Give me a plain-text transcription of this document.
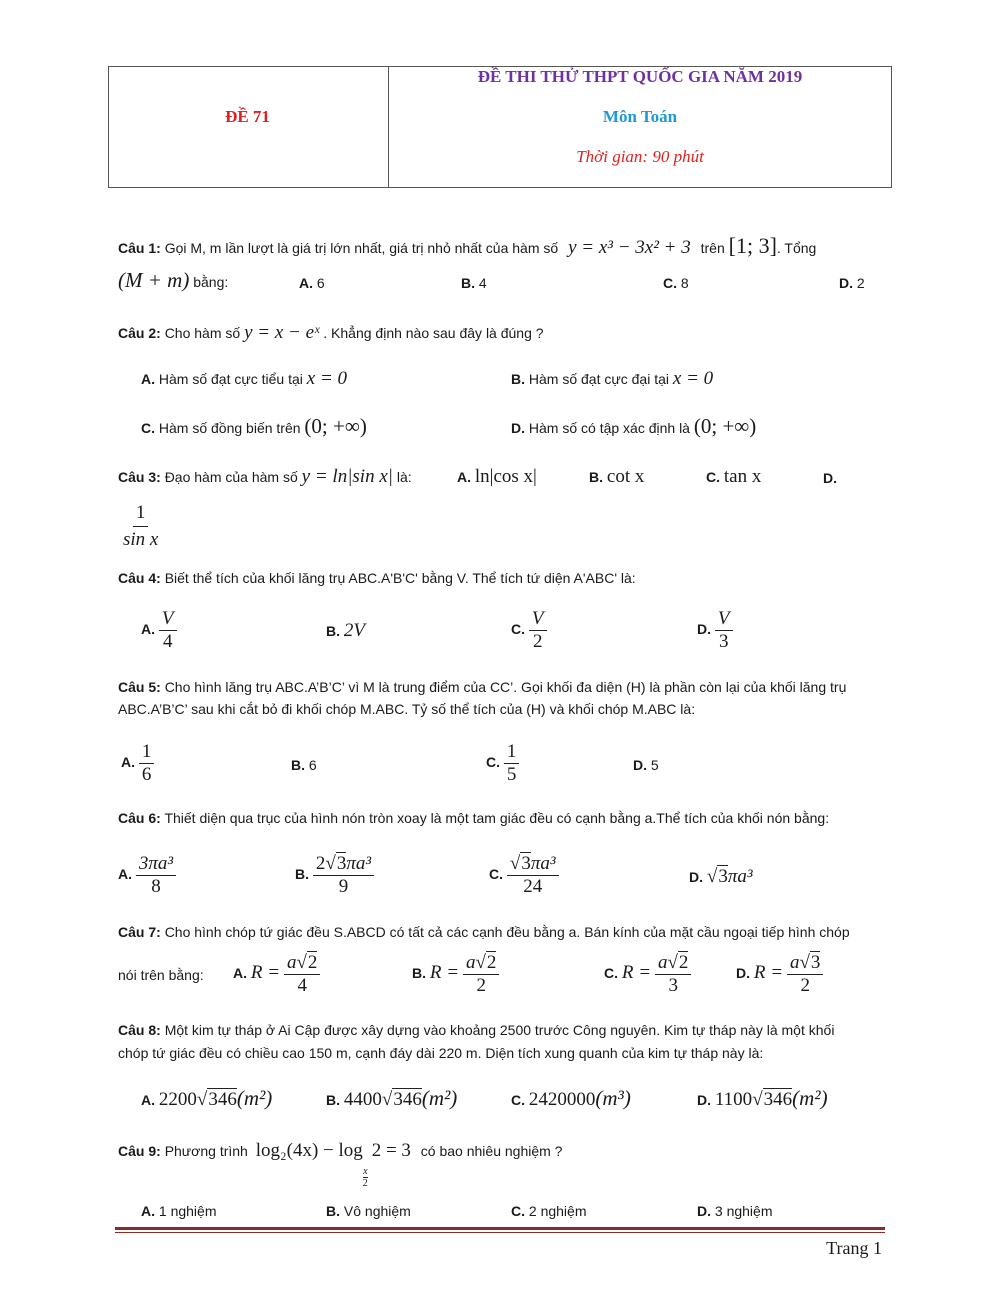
ĐỀ 71
ĐỀ THI THỬ THPT QUỐC GIA NĂM 2019
Môn Toán
Thời gian: 90 phút
Câu 1: Gọi M, m lần lượt là giá trị lớn nhất, giá trị nhỏ nhất của hàm số y = x³ − 3x² + 3 trên [1; 3]. Tổng
(M + m) bằng:	A. 6	B. 4	C. 8	D. 2
Câu 2: Cho hàm số y = x − eˣ . Khẳng định nào sau đây là đúng ?
A. Hàm số đạt cực tiểu tại x = 0	B. Hàm số đạt cực đại tại x = 0
C. Hàm số đồng biến trên (0; +∞)	D. Hàm số có tập xác định là (0; +∞)
Câu 3: Đạo hàm của hàm số y = ln|sin x| là:	A. ln|cos x|	B. cot x	C. tan x	D.
$\frac{1}{\text{sin x}}$
Câu 4: Biết thể tích của khối lăng trụ ABC.A'B'C' bằng V. Thể tích tứ diện A'ABC' là:
A. $\frac{V}{4}$	B. 2V	C. $\frac{V}{2}$	D. $\frac{V}{3}$
Câu 5: Cho hình lăng trụ ABC.A’B’C’ vì M là trung điểm của CC’. Gọi khối đa diện (H) là phần còn lại của khối lăng trụ
ABC.A’B’C’ sau khi cắt bỏ đi khối chóp M.ABC. Tỷ số thể tích của (H) và khối chóp M.ABC là:
A. $\frac{1}{6}$	B. 6	C. $\frac{1}{5}$	D. 5
Câu 6: Thiết diện qua trục của hình nón tròn xoay là một tam giác đều có cạnh bằng a.Thể tích của khối nón bằng:
A. $\frac{\text{3πa³}}{8}$	B. $\frac{\text{2√3πa³}}{9}$	C. $\frac{\text{√3πa³}}{24}$	D. √3πa³
Câu 7: Cho hình chóp tứ giác đều S.ABCD có tất cả các cạnh đều bằng a. Bán kính của mặt cầu ngoại tiếp hình chóp
nói trên bằng: A. $R = \frac{a√2}{4}$	B. $R = \frac{a√2}{2}$	C. $R = \frac{a√2}{3}$	D. $R = \frac{a√3}{2}$
Câu 8: Một kim tự tháp ở Ai Cập được xây dựng vào khoảng 2500 trước Công nguyên. Kim tự tháp này là một khối
chóp tứ giác đều có chiều cao 150 m, cạnh đáy dài 220 m. Diện tích xung quanh của kim tự tháp này là:
A. 2200√346(m²)	B. 4400√346(m²)	C. 2420000(m³)	D. 1100√346(m²)
Câu 9: Phương trình log₂(4x) − log
$\frac{x}{2}$
2 = 3 có bao nhiêu nghiệm ?
A. 1 nghiệm	B. Vô nghiệm	C. 2 nghiệm	D. 3 nghiệm
Trang 1
